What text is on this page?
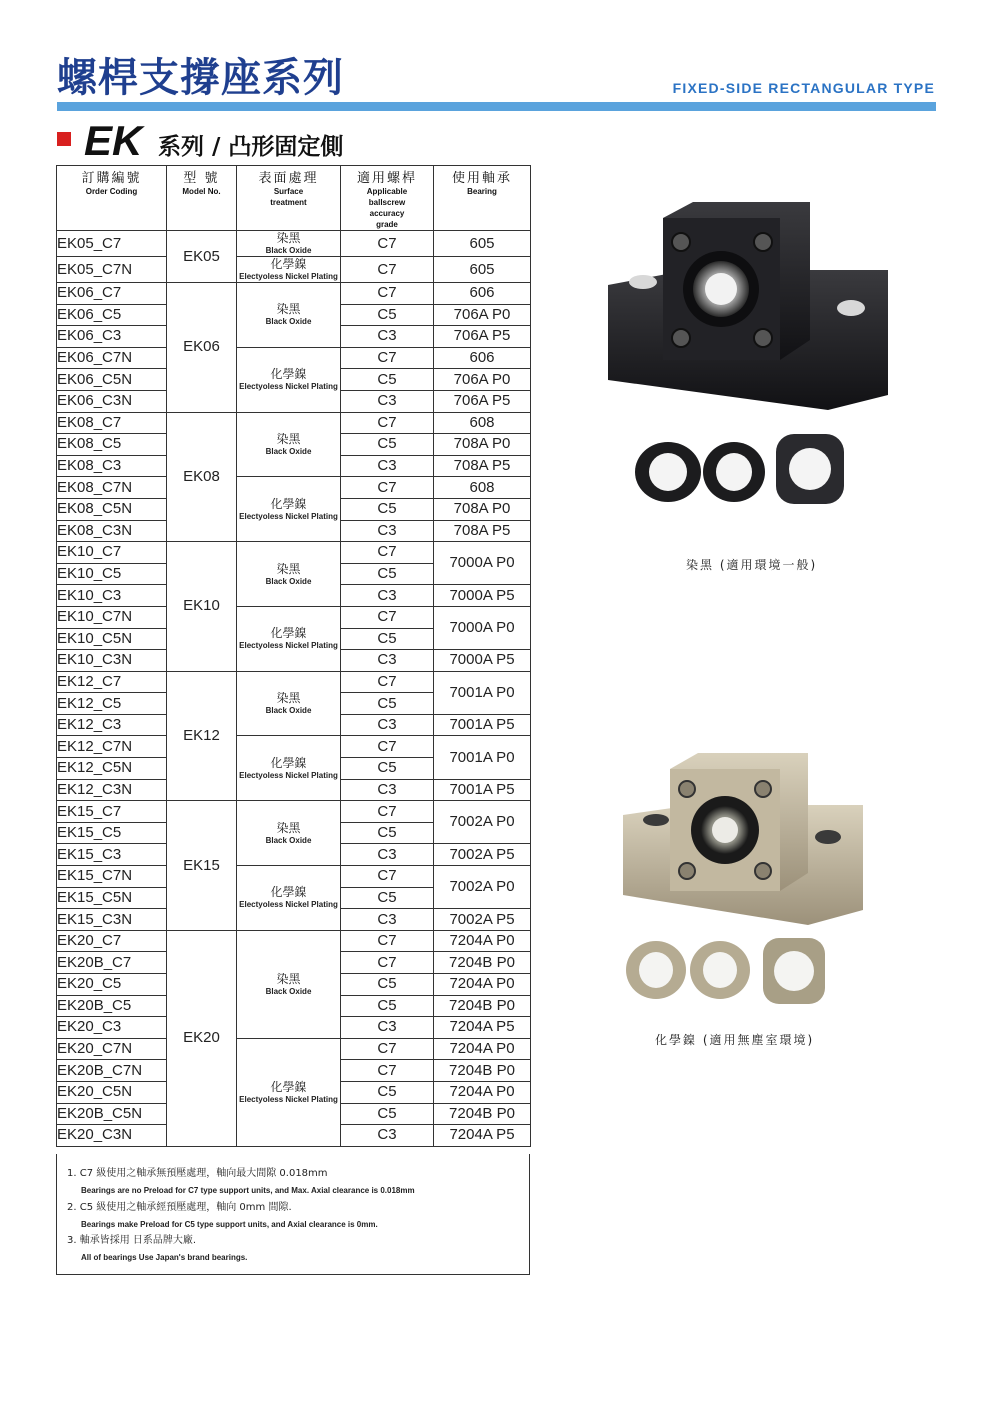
螺桿支撐座系列	FIXED-SIDE RECTANGULAR TYPE
EK 系列 / 凸形固定側
訂購編號
Order Coding	型 號
Model No.	表面處理
Surface treatment	適用螺桿
Applicable ballscrew accuracy grade	使用軸承
Bearing

EK05_C7	EK05	染黑
Black Oxide	C7	605
EK05_C7N		化學鎳
Electyoless Nickel Plating	C7	605
EK06_C7	EK06	染黑
Black Oxide	C7	606
EK06_C5			C5	706A P0
EK06_C3			C3	706A P5
EK06_C7N		化學鎳
Electyoless Nickel Plating	C7	606
EK06_C5N			C5	706A P0
EK06_C3N			C3	706A P5
EK08_C7	EK08	染黑
Black Oxide	C7	608
EK08_C5			C5	708A P0
EK08_C3			C3	708A P5
EK08_C7N		化學鎳
Electyoless Nickel Plating	C7	608
EK08_C5N			C5	708A P0
EK08_C3N			C3	708A P5
EK10_C7	EK10	染黑
Black Oxide	C7	7000A P0
EK10_C5			C5	
EK10_C3			C3	7000A P5
EK10_C7N		化學鎳
Electyoless Nickel Plating	C7	7000A P0
EK10_C5N			C5	
EK10_C3N			C3	7000A P5
EK12_C7	EK12	染黑
Black Oxide	C7	7001A P0
EK12_C5			C5	
EK12_C3			C3	7001A P5
EK12_C7N		化學鎳
Electyoless Nickel Plating	C7	7001A P0
EK12_C5N			C5	
EK12_C3N			C3	7001A P5
EK15_C7	EK15	染黑
Black Oxide	C7	7002A P0
EK15_C5			C5	
EK15_C3			C3	7002A P5
EK15_C7N		化學鎳
Electyoless Nickel Plating	C7	7002A P0
EK15_C5N			C5	
EK15_C3N			C3	7002A P5
EK20_C7	EK20	染黑
Black Oxide	C7	7204A P0
EK20B_C7			C7	7204B P0
EK20_C5			C5	7204A P0
EK20B_C5			C5	7204B P0
EK20_C3			C3	7204A P5
EK20_C7N		化學鎳
Electyoless Nickel Plating	C7	7204A P0
EK20B_C7N			C7	7204B P0
EK20_C5N			C5	7204A P0
EK20B_C5N			C5	7204B P0
EK20_C3N			C3	7204A P5
1. C7 級使用之軸承無預壓處理，軸向最大間隙 0.018mm
Bearings are no Preload for C7 type support units, and Max. Axial clearance is 0.018mm
2. C5 級使用之軸承經預壓處理，軸向 0mm 間隙.
Bearings make Preload for C5 type support units, and Axial clearance is 0mm.
3. 軸承皆採用 日系品牌大廠.
All of bearings Use Japan's brand bearings.
染黑 (適用環境一般)
化學鎳 (適用無塵室環境)
